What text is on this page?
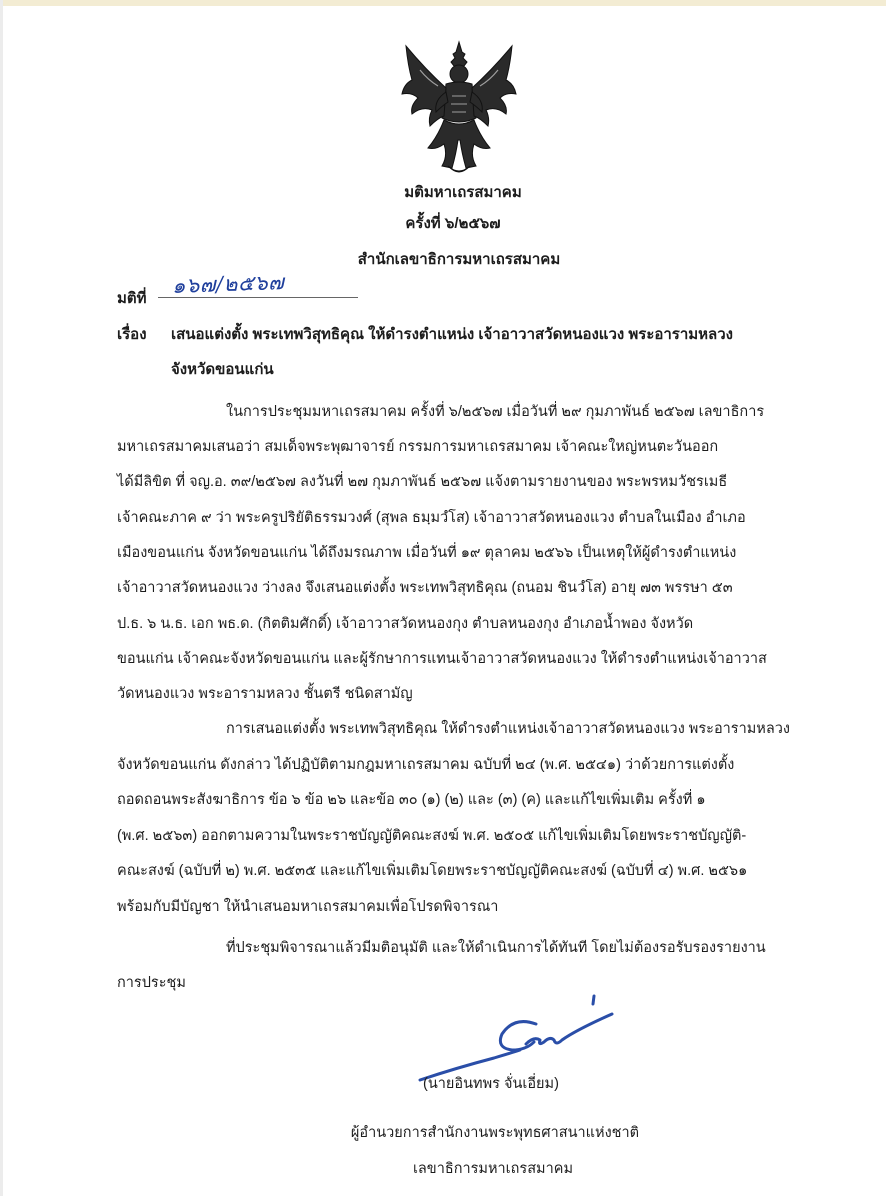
มติมหาเถรสมาคม
ครั้งที่ ๖/๒๕๖๗
สำนักเลขาธิการมหาเถรสมาคม
มติที่
๑๖๗/๒๕๖๗
เรื่อง เสนอแต่งตั้ง พระเทพวิสุทธิคุณ ให้ดำรงตำแหน่ง เจ้าอาวาสวัดหนองแวง พระอารามหลวง
จังหวัดขอนแก่น
ในการประชุมมหาเถรสมาคม ครั้งที่ ๖/๒๕๖๗ เมื่อวันที่ ๒๙ กุมภาพันธ์ ๒๕๖๗ เลขาธิการ
มหาเถรสมาคมเสนอว่า สมเด็จพระพุฒาจารย์ กรรมการมหาเถรสมาคม เจ้าคณะใหญ่หนตะวันออก
ได้มีลิขิต ที่ จญ.อ. ๓๙/๒๕๖๗ ลงวันที่ ๒๗ กุมภาพันธ์ ๒๕๖๗ แจ้งตามรายงานของ พระพรหมวัชรเมธี
เจ้าคณะภาค ๙ ว่า พระครูปริยัติธรรมวงศ์ (สุพล ธมฺมวํโส) เจ้าอาวาสวัดหนองแวง ตำบลในเมือง อำเภอ
เมืองขอนแก่น จังหวัดขอนแก่น ได้ถึงมรณภาพ เมื่อวันที่ ๑๙ ตุลาคม ๒๕๖๖ เป็นเหตุให้ผู้ดำรงตำแหน่ง
เจ้าอาวาสวัดหนองแวง ว่างลง จึงเสนอแต่งตั้ง พระเทพวิสุทธิคุณ (ถนอม ชินวํโส) อายุ ๗๓ พรรษา ๕๓
ป.ธ. ๖ น.ธ. เอก พธ.ด. (กิตติมศักดิ์) เจ้าอาวาสวัดหนองกุง ตำบลหนองกุง อำเภอน้ำพอง จังหวัด
ขอนแก่น เจ้าคณะจังหวัดขอนแก่น และผู้รักษาการแทนเจ้าอาวาสวัดหนองแวง ให้ดำรงตำแหน่งเจ้าอาวาส
วัดหนองแวง พระอารามหลวง ชั้นตรี ชนิดสามัญ
การเสนอแต่งตั้ง พระเทพวิสุทธิคุณ ให้ดำรงตำแหน่งเจ้าอาวาสวัดหนองแวง พระอารามหลวง
จังหวัดขอนแก่น ดังกล่าว ได้ปฏิบัติตามกฎมหาเถรสมาคม ฉบับที่ ๒๔ (พ.ศ. ๒๕๔๑) ว่าด้วยการแต่งตั้ง
ถอดถอนพระสังฆาธิการ ข้อ ๖ ข้อ ๒๖ และข้อ ๓๐ (๑) (๒) และ (๓) (ค) และแก้ไขเพิ่มเติม ครั้งที่ ๑
(พ.ศ. ๒๕๖๓) ออกตามความในพระราชบัญญัติคณะสงฆ์ พ.ศ. ๒๕๐๕ แก้ไขเพิ่มเติมโดยพระราชบัญญัติ-
คณะสงฆ์ (ฉบับที่ ๒) พ.ศ. ๒๕๓๕ และแก้ไขเพิ่มเติมโดยพระราชบัญญัติคณะสงฆ์ (ฉบับที่ ๔) พ.ศ. ๒๕๖๑
พร้อมกับมีบัญชา ให้นำเสนอมหาเถรสมาคมเพื่อโปรดพิจารณา
ที่ประชุมพิจารณาแล้วมีมติอนุมัติ และให้ดำเนินการได้ทันที โดยไม่ต้องรอรับรองรายงาน
การประชุม
(นายอินทพร จั่นเอี่ยม)
ผู้อำนวยการสำนักงานพระพุทธศาสนาแห่งชาติ
เลขาธิการมหาเถรสมาคม
